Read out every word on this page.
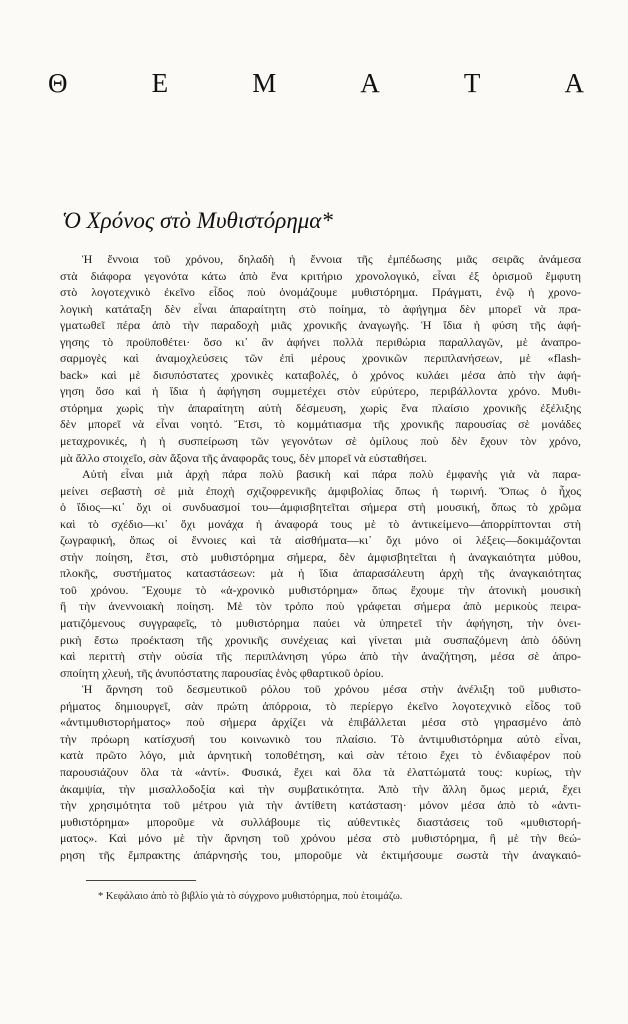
Θ	Ε	Μ	Α	Τ	Α
Ὁ Χρόνος στὸ Μυθιστόρημα*
Ἡ ἔννοια τοῦ χρόνου, δηλαδὴ ἡ ἔννοια τῆς ἐμπέδωσης μιᾶς σειρᾶς ἀνάμεσα
στὰ διάφορα γεγονότα κάτω ἀπὸ ἕνα κριτήριο χρονολογικό, εἶναι ἐξ ὁρισμοῦ ἔμφυτη
στὸ λογοτεχνικὸ ἐκεῖνο εἶδος ποὺ ὀνομάζουμε μυθιστόρημα. Πράγματι, ἐνῷ ἡ χρονο-
λογικὴ κατάταξη δὲν εἶναι ἀπαραίτητη στὸ ποίημα, τὸ ἀφήγημα δὲν μπορεῖ νὰ πρα-
γματωθεῖ πέρα ἀπὸ τὴν παραδοχὴ μιᾶς χρονικῆς ἀναγωγῆς. Ἡ ἴδια ἡ φύση τῆς ἀφή-
γησης τὸ προϋποθέτει· ὅσο κι᾽ ἂν ἀφήνει πολλὰ περιθώρια παραλλαγῶν, μὲ ἀναπρο-
σαρμογὲς καὶ ἀναμοχλεύσεις τῶν ἐπὶ μέρους χρονικῶν περιπλανήσεων, μὲ «flash-
back» καὶ μὲ δισυπόστατες χρονικὲς καταβολές, ὁ χρόνος κυλάει μέσα ἀπὸ τὴν ἀφή-
γηση ὅσο καὶ ἡ ἴδια ἡ ἀφήγηση συμμετέχει στὸν εὐρύτερο, περιβάλλοντα χρόνο. Μυθι-
στόρημα χωρὶς τὴν ἀπαραίτητη αὐτὴ δέσμευση, χωρὶς ἕνα πλαίσιο χρονικῆς ἐξέλιξης
δὲν μπορεῖ νὰ εἶναι νοητό. Ἔτσι, τὸ κομμάτιασμα τῆς χρονικῆς παρουσίας σὲ μονάδες
μεταχρονικές, ἡ ἡ συσπείρωση τῶν γεγονότων σὲ ὁμίλους ποὺ δὲν ἔχουν τὸν χρόνο,
μὰ ἄλλο στοιχεῖο, σὰν ἄξονα τῆς ἀναφορᾶς τους, δὲν μπορεῖ νὰ εὐσταθήσει.
Αὐτὴ εἶναι μιὰ ἀρχὴ πάρα πολὺ βασικὴ καὶ πάρα πολὺ ἐμφανὴς γιὰ νὰ παρα-
μείνει σεβαστὴ σὲ μιὰ ἐποχὴ σχιζοφρενικῆς ἀμφιβολίας ὅπως ἡ τωρινή. Ὅπως ὁ ἦχος
ὁ ἴδιος—κι᾽ ὄχι οἱ συνδυασμοί του—ἀμφισβητεῖται σήμερα στὴ μουσική, ὅπως τὸ χρῶμα
καὶ τὸ σχέδιο—κι᾽ ὄχι μονάχα ἡ ἀναφορά τους μὲ τὸ ἀντικείμενο—ἀπορρίπτονται στὴ
ζωγραφική, ὅπως οἱ ἔννοιες καὶ τὰ αἰσθήματα—κι᾽ ὄχι μόνο οἱ λέξεις—δοκιμάζονται
στὴν ποίηση, ἔτσι, στὸ μυθιστόρημα σήμερα, δὲν ἀμφισβητεῖται ἡ ἀναγκαιότητα μύθου,
πλοκῆς, συστήματος καταστάσεων: μὰ ἡ ἴδια ἀπαρασάλευτη ἀρχὴ τῆς ἀναγκαιότητας
τοῦ χρόνου. Ἔχουμε τὸ «ἀ-χρονικὸ μυθιστόρημα» ὅπως ἔχουμε τὴν ἀτονικὴ μουσικὴ
ἢ τὴν ἀνεννοιακὴ ποίηση. Μὲ τὸν τρόπο ποὺ γράφεται σήμερα ἀπὸ μερικοὺς πειρα-
ματιζόμενους συγγραφεῖς, τὸ μυθιστόρημα παύει νὰ ὑπηρετεῖ τὴν ἀφήγηση, τὴν ὀνει-
ρικὴ ἔστω προέκταση τῆς χρονικῆς συνέχειας καὶ γίνεται μιὰ συσπαζόμενη ἀπὸ ὀδύνη
καὶ περιττὴ στὴν οὐσία τῆς περιπλάνηση γύρω ἀπὸ τὴν ἀναζήτηση, μέσα σὲ ἀπρο-
σποίητη χλευή, τῆς ἀνυπόστατης παρουσίας ἑνὸς φθαρτικοῦ ὁρίου.
Ἡ ἄρνηση τοῦ δεσμευτικοῦ ρόλου τοῦ χρόνου μέσα στὴν ἀνέλιξη τοῦ μυθιστο-
ρήματος δημιουργεῖ, σὰν πρώτη ἀπόρροια, τὸ περίεργο ἐκεῖνο λογοτεχνικὸ εἶδος τοῦ
«ἀντιμυθιστορήματος» ποὺ σήμερα ἀρχίζει νὰ ἐπιβάλλεται μέσα στὸ γηρασμένο ἀπὸ
τὴν πρόωρη κατίσχυσή του κοινωνικὸ του πλαίσιο. Τὸ ἀντιμυθιστόρημα αὐτὸ εἶναι,
κατὰ πρῶτο λόγο, μιὰ ἀρνητικὴ τοποθέτηση, καὶ σὰν τέτοιο ἔχει τὸ ἐνδιαφέρον ποὺ
παρουσιάζουν ὅλα τὰ «ἀντί». Φυσικά, ἔχει καὶ ὅλα τὰ ἐλαττώματά τους: κυρίως, τὴν
ἀκαμψία, τὴν μισαλλοδοξία καὶ τὴν συμβατικότητα. Ἀπὸ τὴν ἄλλη ὅμως μεριά, ἔχει
τὴν χρησιμότητα τοῦ μέτρου γιὰ τὴν ἀντίθετη κατάσταση· μόνον μέσα ἀπὸ τὸ «ἀντι-
μυθιστόρημα» μποροῦμε νὰ συλλάβουμε τὶς αὐθεντικὲς διαστάσεις τοῦ «μυθιστορή-
ματος». Καὶ μόνο μὲ τὴν ἄρνηση τοῦ χρόνου μέσα στὸ μυθιστόρημα, ἢ μὲ τὴν θεώ-
ρηση τῆς ἔμπρακτης ἀπάρνησής του, μποροῦμε νὰ ἐκτιμήσουμε σωστὰ τὴν ἀναγκαιό-
* Κεφάλαιο ἀπὸ τὸ βιβλίο γιὰ τὸ σύγχρονο μυθιστόρημα, ποὺ ἑτοιμάζω.
